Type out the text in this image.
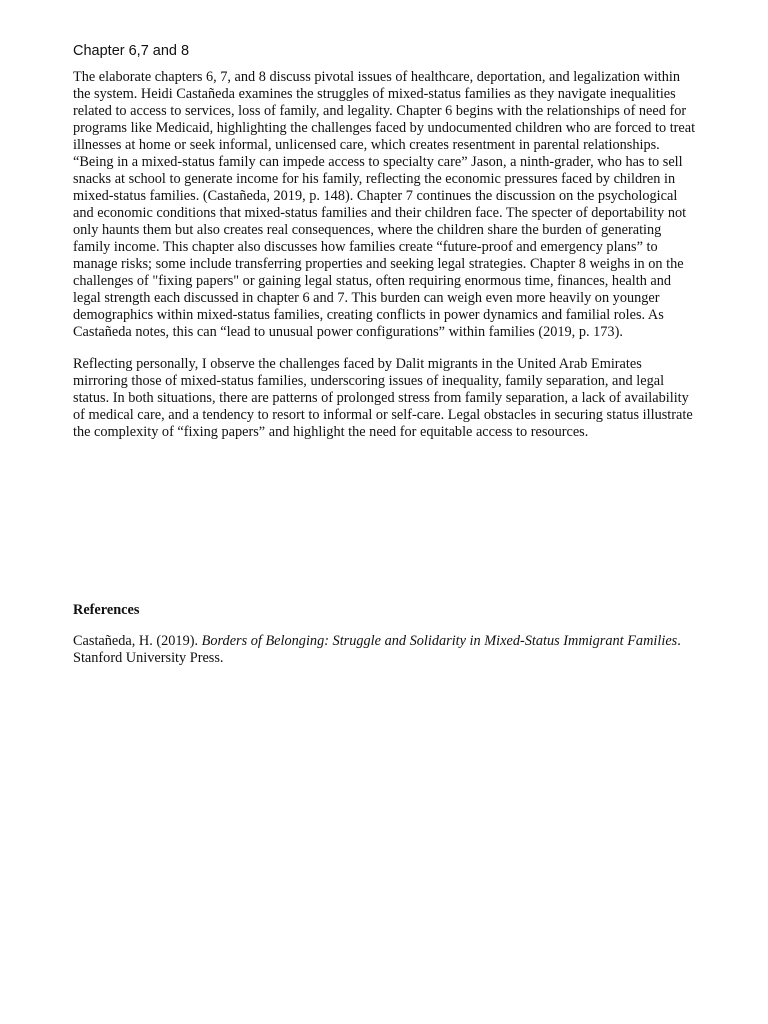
Chapter 6,7 and 8

The elaborate chapters 6, 7, and 8 discuss pivotal issues of healthcare, deportation, and legalization within the system. Heidi Castañeda examines the struggles of mixed-status families as they navigate inequalities related to access to services, loss of family, and legality. Chapter 6 begins with the relationships of need for programs like Medicaid, highlighting the challenges faced by undocumented children who are forced to treat illnesses at home or seek informal, unlicensed care, which creates resentment in parental relationships. “Being in a mixed-status family can impede access to specialty care” Jason, a ninth-grader, who has to sell snacks at school to generate income for his family, reflecting the economic pressures faced by children in mixed-status families. (Castañeda, 2019, p. 148). Chapter 7 continues the discussion on the psychological and economic conditions that mixed-status families and their children face. The specter of deportability not only haunts them but also creates real consequences, where the children share the burden of generating family income. This chapter also discusses how families create “future-proof and emergency plans” to manage risks; some include transferring properties and seeking legal strategies. Chapter 8 weighs in on the challenges of "fixing papers" or gaining legal status, often requiring enormous time, finances, health and legal strength each discussed in chapter 6 and 7. This burden can weigh even more heavily on younger demographics within mixed-status families, creating conflicts in power dynamics and familial roles. As Castañeda notes, this can “lead to unusual power configurations” within families (2019, p. 173).

Reflecting personally, I observe the challenges faced by Dalit migrants in the United Arab Emirates mirroring those of mixed-status families, underscoring issues of inequality, family separation, and legal status. In both situations, there are patterns of prolonged stress from family separation, a lack of availability of medical care, and a tendency to resort to informal or self-care. Legal obstacles in securing status illustrate the complexity of “fixing papers” and highlight the need for equitable access to resources.

References

Castañeda, H. (2019). Borders of Belonging: Struggle and Solidarity in Mixed-Status Immigrant Families. Stanford University Press.
